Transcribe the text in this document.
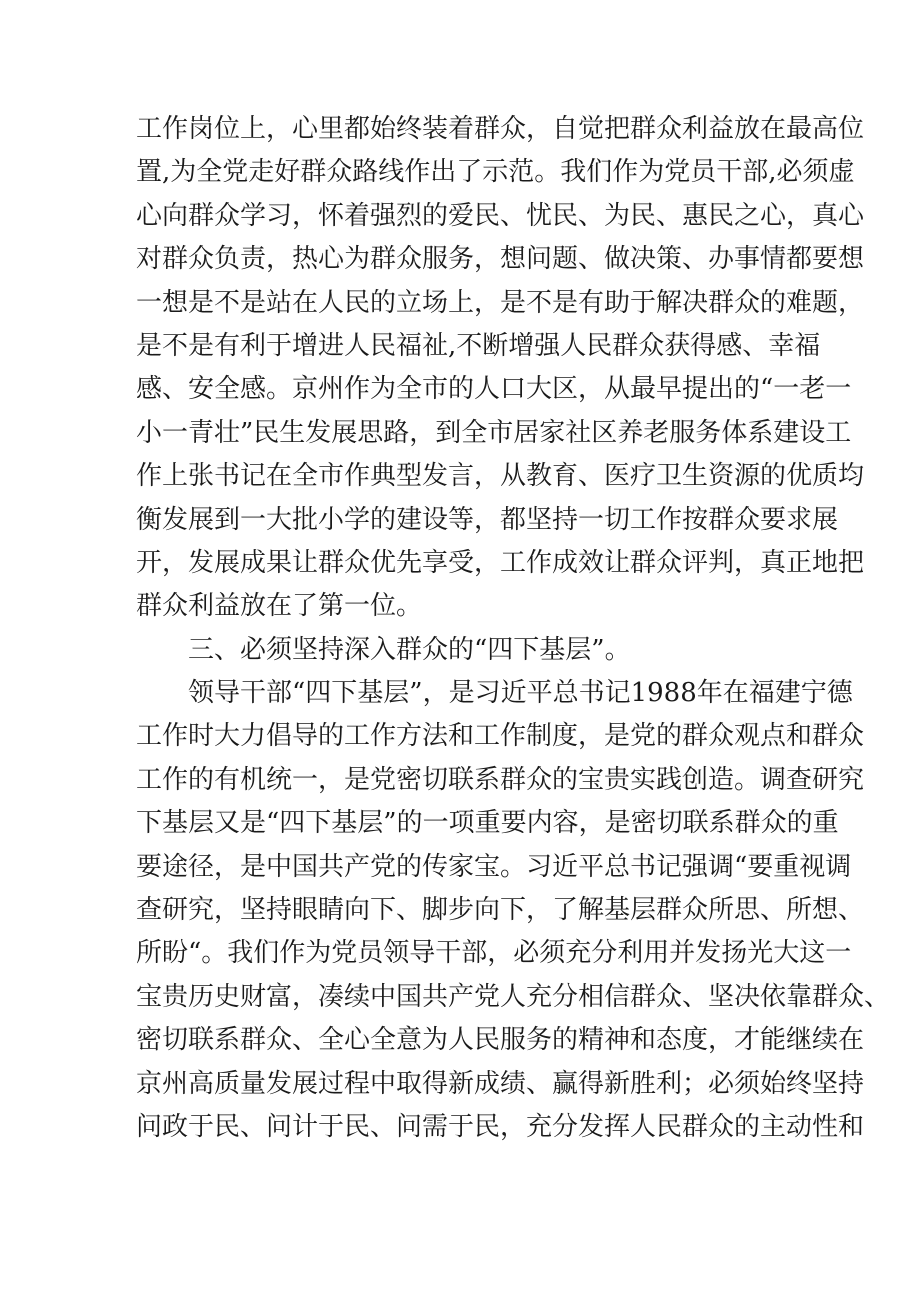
工作岗位上，心里都始终装着群众，自觉把群众利益放在最高位
置,为全党走好群众路线作出了示范。我们作为党员干部,必须虚
心向群众学习，怀着强烈的爱民、忧民、为民、惠民之心，真心
对群众负责，热心为群众服务，想问题、做决策、办事情都要想
一想是不是站在人民的立场上，是不是有助于解决群众的难题，
是不是有利于增进人民福祉,不断增强人民群众获得感、幸福
感、安全感。京州作为全市的人口大区，从最早提出的“一老一
小一青壮”民生发展思路，到全市居家社区养老服务体系建设工
作上张书记在全市作典型发言，从教育、医疗卫生资源的优质均
衡发展到一大批小学的建设等，都坚持一切工作按群众要求展
开，发展成果让群众优先享受，工作成效让群众评判，真正地把
群众利益放在了第一位。
三、必须坚持深入群众的“四下基层”。
领导干部“四下基层”，是习近平总书记1988年在福建宁德
工作时大力倡导的工作方法和工作制度，是党的群众观点和群众
工作的有机统一，是党密切联系群众的宝贵实践创造。调查研究
下基层又是“四下基层”的一项重要内容，是密切联系群众的重
要途径，是中国共产党的传家宝。习近平总书记强调“要重视调
查研究，坚持眼睛向下、脚步向下，了解基层群众所思、所想、
所盼“。我们作为党员领导干部，必须充分利用并发扬光大这一
宝贵历史财富，凑续中国共产党人充分相信群众、坚决依靠群众、
密切联系群众、全心全意为人民服务的精神和态度，才能继续在
京州高质量发展过程中取得新成绩、赢得新胜利；必须始终坚持
问政于民、问计于民、问需于民，充分发挥人民群众的主动性和
